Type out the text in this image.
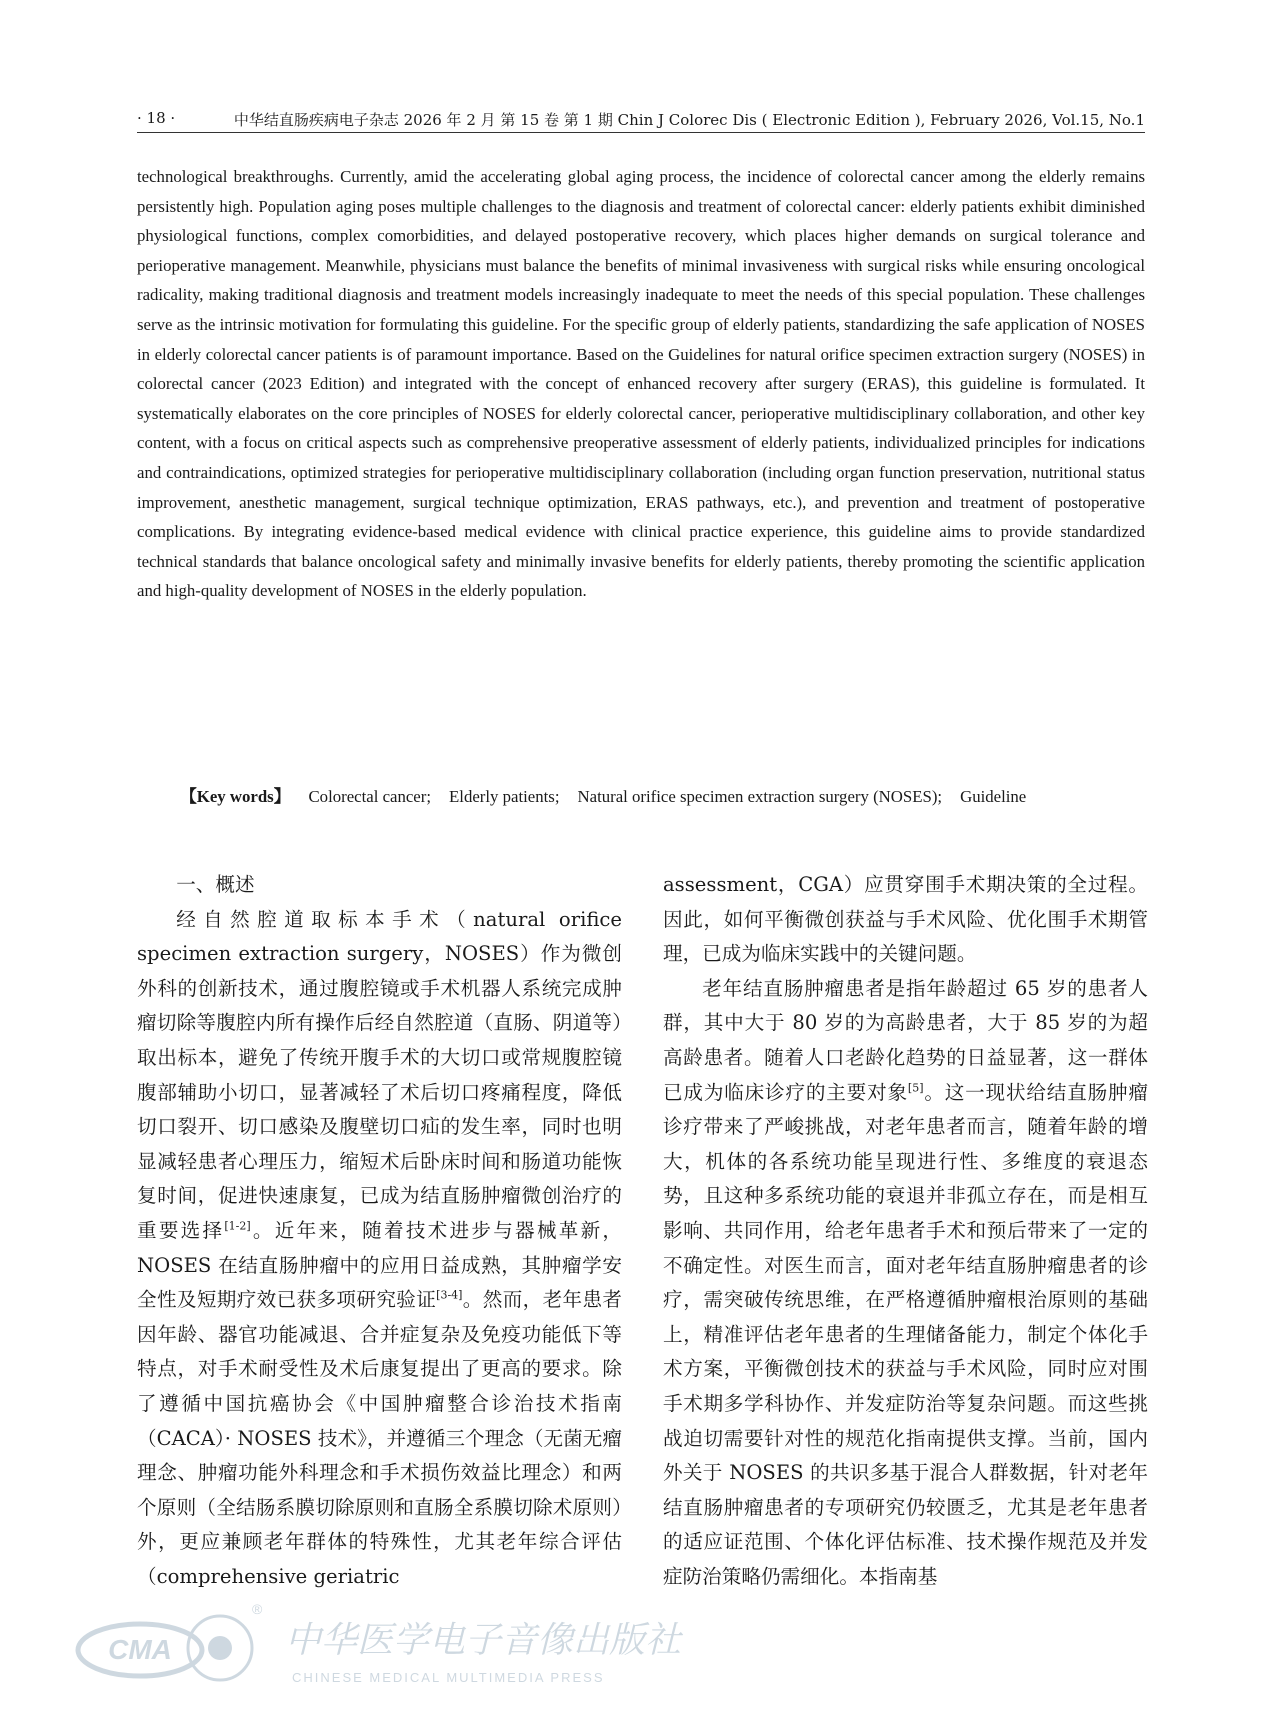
· 18 ·	中华结直肠疾病电子杂志 2026 年 2 月 第 15 卷 第 1 期 Chin J Colorec Dis ( Electronic Edition ), February 2026, Vol.15, No.1

technological breakthroughs. Currently, amid the accelerating global aging process, the incidence of colorectal cancer among the elderly remains persistently high. Population aging poses multiple challenges to the diagnosis and treatment of colorectal cancer: elderly patients exhibit diminished physiological functions, complex comorbidities, and delayed postoperative recovery, which places higher demands on surgical tolerance and perioperative management. Meanwhile, physicians must balance the benefits of minimal invasiveness with surgical risks while ensuring oncological radicality, making traditional diagnosis and treatment models increasingly inadequate to meet the needs of this special population. These challenges serve as the intrinsic motivation for formulating this guideline. For the specific group of elderly patients, standardizing the safe application of NOSES in elderly colorectal cancer patients is of paramount importance. Based on the Guidelines for natural orifice specimen extraction surgery (NOSES) in colorectal cancer (2023 Edition) and integrated with the concept of enhanced recovery after surgery (ERAS), this guideline is formulated. It systematically elaborates on the core principles of NOSES for elderly colorectal cancer, perioperative multidisciplinary collaboration, and other key content, with a focus on critical aspects such as comprehensive preoperative assessment of elderly patients, individualized principles for indications and contraindications, optimized strategies for perioperative multidisciplinary collaboration (including organ function preservation, nutritional status improvement, anesthetic management, surgical technique optimization, ERAS pathways, etc.), and prevention and treatment of postoperative complications. By integrating evidence-based medical evidence with clinical practice experience, this guideline aims to provide standardized technical standards that balance oncological safety and minimally invasive benefits for elderly patients, thereby promoting the scientific application and high-quality development of NOSES in the elderly population.

【Key words】 Colorectal cancer ; Elderly patients ; Natural orifice specimen extraction surgery (NOSES) ; Guideline

一、概述

经自然腔道取标本手术（natural orifice specimen extraction surgery，NOSES）作为微创外科的创新技术，通过腹腔镜或手术机器人系统完成肿瘤切除等腹腔内所有操作后经自然腔道（直肠、阴道等）取出标本，避免了传统开腹手术的大切口或常规腹腔镜腹部辅助小切口，显著减轻了术后切口疼痛程度，降低切口裂开、切口感染及腹壁切口疝的发生率，同时也明显减轻患者心理压力，缩短术后卧床时间和肠道功能恢复时间，促进快速康复，已成为结直肠肿瘤微创治疗的重要选择[1-2]。近年来，随着技术进步与器械革新，NOSES 在结直肠肿瘤中的应用日益成熟，其肿瘤学安全性及短期疗效已获多项研究验证[3-4]。然而，老年患者因年龄、器官功能减退、合并症复杂及免疫功能低下等特点，对手术耐受性及术后康复提出了更高的要求。除了遵循中国抗癌协会《中国肿瘤整合诊治技术指南（CACA）· NOSES 技术》，并遵循三个理念（无菌无瘤理念、肿瘤功能外科理念和手术损伤效益比理念）和两个原则（全结肠系膜切除原则和直肠全系膜切除术原则）外，更应兼顾老年群体的特殊性，尤其老年综合评估（comprehensive geriatric

assessment，CGA）应贯穿围手术期决策的全过程。因此，如何平衡微创获益与手术风险、优化围手术期管理，已成为临床实践中的关键问题。

老年结直肠肿瘤患者是指年龄超过 65 岁的患者人群，其中大于 80 岁的为高龄患者，大于 85 岁的为超高龄患者。随着人口老龄化趋势的日益显著，这一群体已成为临床诊疗的主要对象[5]。这一现状给结直肠肿瘤诊疗带来了严峻挑战，对老年患者而言，随着年龄的增大，机体的各系统功能呈现进行性、多维度的衰退态势，且这种多系统功能的衰退并非孤立存在，而是相互影响、共同作用，给老年患者手术和预后带来了一定的不确定性。对医生而言，面对老年结直肠肿瘤患者的诊疗，需突破传统思维，在严格遵循肿瘤根治原则的基础上，精准评估老年患者的生理储备能力，制定个体化手术方案，平衡微创技术的获益与手术风险，同时应对围手术期多学科协作、并发症防治等复杂问题。而这些挑战迫切需要针对性的规范化指南提供支撑。当前，国内外关于 NOSES 的共识多基于混合人群数据，针对老年结直肠肿瘤患者的专项研究仍较匮乏，尤其是老年患者的适应证范围、个体化评估标准、技术操作规范及并发症防治策略仍需细化。本指南基

CMA
®
中华医学电子音像出版社
CHINESE MEDICAL MULTIMEDIA PRESS
